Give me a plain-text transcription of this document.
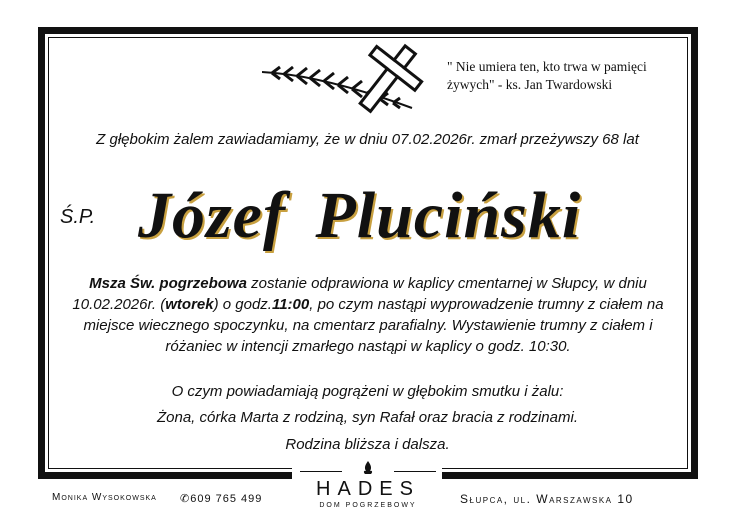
" Nie umiera ten, kto trwa w pamięci
żywych" - ks. Jan Twardowski
Z głębokim żalem zawiadamiamy, że w dniu 07.02.2026r. zmarł przeżywszy 68 lat
Ś.P. Józef Pluciński
Msza Św. pogrzebowa zostanie odprawiona w kaplicy cmentarnej w Słupcy, w dniu 10.02.2026r. (wtorek) o godz.11:00, po czym nastąpi wyprowadzenie trumny z ciałem na miejsce wiecznego spoczynku, na cmentarz parafialny. Wystawienie trumny z ciałem i różaniec w intencji zmarłego nastąpi w kaplicy o godz. 10:30.
O czym powiadamiają pogrążeni w głębokim smutku i żalu:
Żona, córka Marta z rodziną, syn Rafał oraz bracia z rodzinami.
Rodzina bliższa i dalsza.
Monika Wysokowska ✆609 765 499	Słupca, ul. Warszawska 10
HADES
DOM POGRZEBOWY
